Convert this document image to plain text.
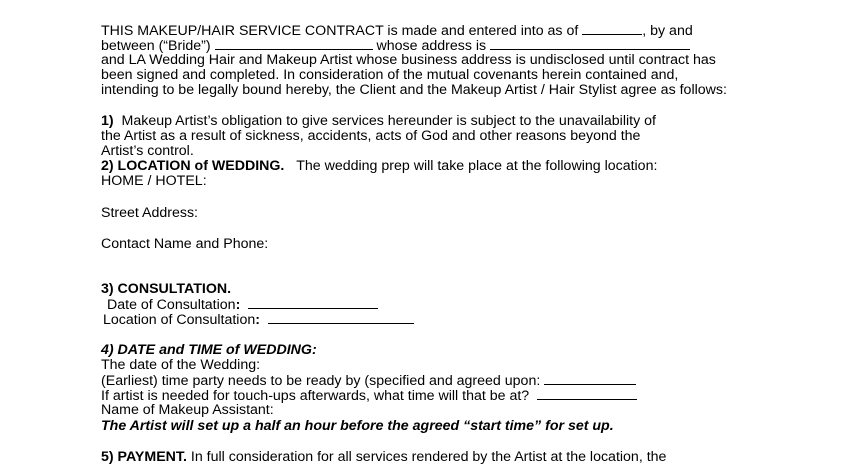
THIS MAKEUP/HAIR SERVICE CONTRACT is made and entered into as of	, by and
between (“Bride”)	whose address is
and LA Wedding Hair and Makeup Artist whose business address is undisclosed until contract has
been signed and completed. In consideration of the mutual covenants herein contained and,
intending to be legally bound hereby, the Client and the Makeup Artist / Hair Stylist agree as follows:
1) Makeup Artist’s obligation to give services hereunder is subject to the unavailability of
the Artist as a result of sickness, accidents, acts of God and other reasons beyond the
Artist’s control.
2) LOCATION of WEDDING. The wedding prep will take place at the following location:
HOME / HOTEL:
Street Address:
Contact Name and Phone:
3) CONSULTATION.
Date of Consultation:
Location of Consultation:
4) DATE and TIME of WEDDING:
The date of the Wedding:
(Earliest) time party needs to be ready by (specified and agreed upon:
If artist is needed for touch-ups afterwards, what time will that be at?
Name of Makeup Assistant:
The Artist will set up a half an hour before the agreed “start time” for set up.
5) PAYMENT. In full consideration for all services rendered by the Artist at the location, the
